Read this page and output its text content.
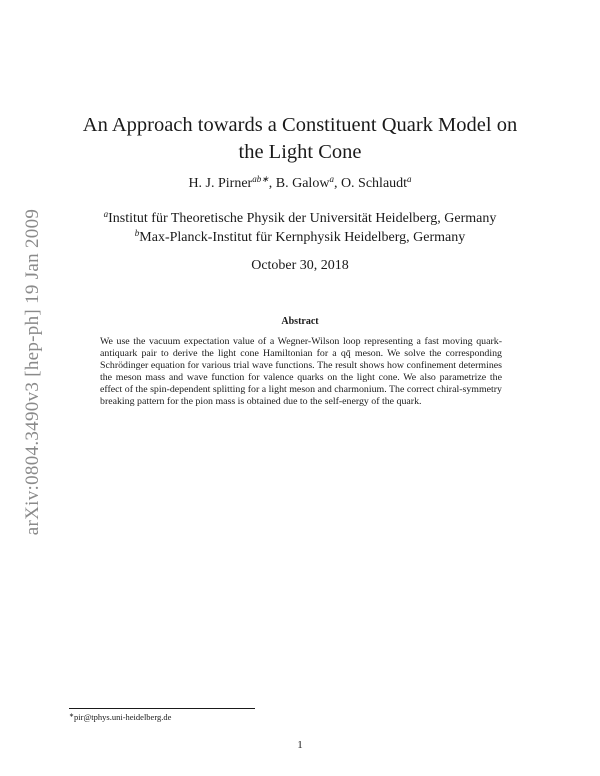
arXiv:0804.3490v3 [hep-ph] 19 Jan 2009
An Approach towards a Constituent Quark Model on
the Light Cone
H. J. Pirner$^{ab∗}$, B. Galow$^a$, O. Schlaudt$^a$
$^a$Institut für Theoretische Physik der Universität Heidelberg, Germany
$^b$Max-Planck-Institut für Kernphysik Heidelberg, Germany
October 30, 2018
Abstract

We use the vacuum expectation value of a Wegner-Wilson loop representing a fast moving quark-antiquark pair to derive the light cone Hamiltonian for a qq̄ meson. We solve the corresponding Schrödinger equation for various trial wave functions. The result shows how confinement determines the meson mass and wave function for valence quarks on the light cone. We also parametrize the effect of the spin-dependent splitting for a light meson and charmonium. The correct chiral-symmetry breaking pattern for the pion mass is obtained due to the self-energy of the quark.

∗pir@tphys.uni-heidelberg.de
1
